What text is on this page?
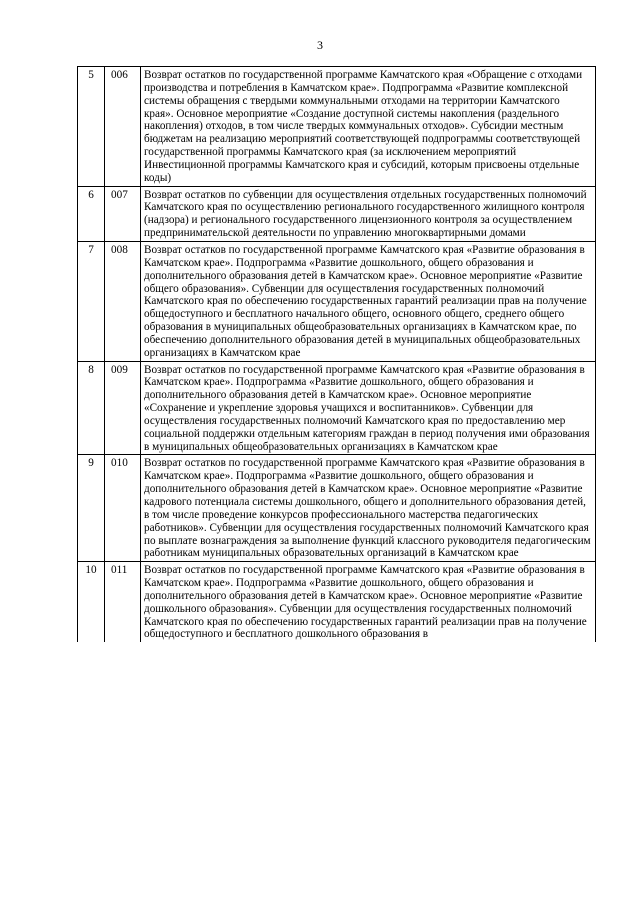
3
5	006	Возврат остатков по государственной программе Камчатского края «Обращение с отходами производства и потребления в Камчатском крае». Подпрограмма «Развитие комплексной системы обращения с твердыми коммунальными отходами на территории Камчатского края». Основное мероприятие «Создание доступной системы накопления (раздельного накопления) отходов, в том числе твердых коммунальных отходов». Субсидии местным бюджетам на реализацию мероприятий соответствующей подпрограммы соответствующей государственной программы Камчатского края (за исключением мероприятий Инвестиционной программы Камчатского края и субсидий, которым присвоены отдельные коды)
6	007	Возврат остатков по субвенции для осуществления отдельных государственных полномочий Камчатского края по осуществлению регионального государственного жилищного контроля (надзора) и регионального государственного лицензионного контроля за осуществлением предпринимательской деятельности по управлению многоквартирными домами
7	008	Возврат остатков по государственной программе Камчатского края «Развитие образования в Камчатском крае». Подпрограмма «Развитие дошкольного, общего образования и дополнительного образования детей в Камчатском крае». Основное мероприятие «Развитие общего образования». Субвенции для осуществления государственных полномочий Камчатского края по обеспечению государственных гарантий реализации прав на получение общедоступного и бесплатного начального общего, основного общего, среднего общего образования в муниципальных общеобразовательных организациях в Камчатском крае, по обеспечению дополнительного образования детей в муниципальных общеобразовательных организациях в Камчатском крае
8	009	Возврат остатков по государственной программе Камчатского края «Развитие образования в Камчатском крае». Подпрограмма «Развитие дошкольного, общего образования и дополнительного образования детей в Камчатском крае». Основное мероприятие «Сохранение и укрепление здоровья учащихся и воспитанников». Субвенции для осуществления государственных полномочий Камчатского края по предоставлению мер социальной поддержки отдельным категориям граждан в период получения ими образования в муниципальных общеобразовательных организациях в Камчатском крае
9	010	Возврат остатков по государственной программе Камчатского края «Развитие образования в Камчатском крае». Подпрограмма «Развитие дошкольного, общего образования и дополнительного образования детей в Камчатском крае». Основное мероприятие «Развитие кадрового потенциала системы дошкольного, общего и дополнительного образования детей, в том числе проведение конкурсов профессионального мастерства педагогических работников». Субвенции для осуществления государственных полномочий Камчатского края по выплате вознаграждения за выполнение функций классного руководителя педагогическим работникам муниципальных образовательных организаций в Камчатском крае
10	011	Возврат остатков по государственной программе Камчатского края «Развитие образования в Камчатском крае». Подпрограмма «Развитие дошкольного, общего образования и дополнительного образования детей в Камчатском крае». Основное мероприятие «Развитие дошкольного образования». Субвенции для осуществления государственных полномочий Камчатского края по обеспечению государственных гарантий реализации прав на получение общедоступного и бесплатного дошкольного образования в
